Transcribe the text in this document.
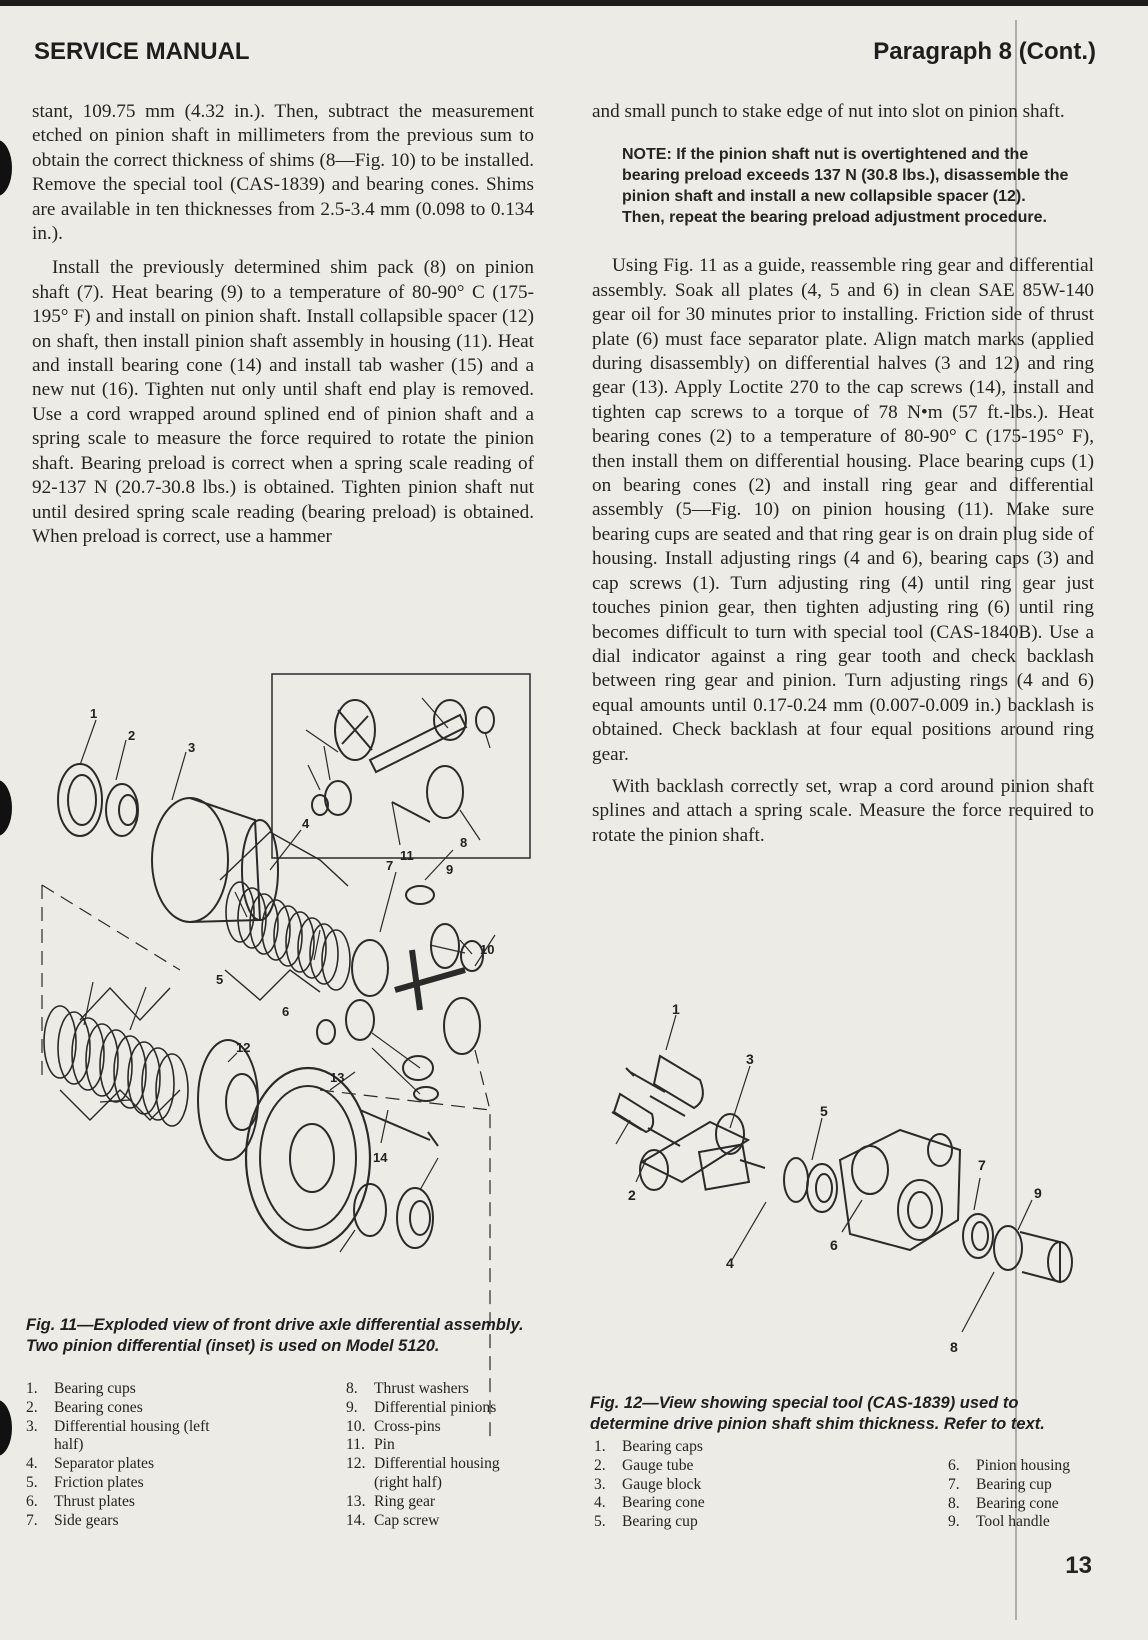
SERVICE MANUAL	Paragraph 8 (Cont.)

stant, 109.75 mm (4.32 in.). Then, subtract the measurement etched on pinion shaft in millimeters from the previous sum to obtain the correct thickness of shims (8—Fig. 10) to be installed. Remove the special tool (CAS-1839) and bearing cones. Shims are available in ten thicknesses from 2.5-3.4 mm (0.098 to 0.134 in.).

Install the previously determined shim pack (8) on pinion shaft (7). Heat bearing (9) to a temperature of 80-90° C (175-195° F) and install on pinion shaft. Install collapsible spacer (12) on shaft, then install pinion shaft assembly in housing (11). Heat and install bearing cone (14) and install tab washer (15) and a new nut (16). Tighten nut only until shaft end play is removed. Use a cord wrapped around splined end of pinion shaft and a spring scale to measure the force required to rotate the pinion shaft. Bearing preload is correct when a spring scale reading of 92-137 N (20.7-30.8 lbs.) is obtained. Tighten pinion shaft nut until desired spring scale reading (bearing preload) is obtained. When preload is correct, use a hammer

and small punch to stake edge of nut into slot on pinion shaft.

NOTE: If the pinion shaft nut is overtightened and the bearing preload exceeds 137 N (30.8 lbs.), disassemble the pinion shaft and install a new collapsible spacer (12). Then, repeat the bearing preload adjustment procedure.

Using Fig. 11 as a guide, reassemble ring gear and differential assembly. Soak all plates (4, 5 and 6) in clean SAE 85W-140 gear oil for 30 minutes prior to installing. Friction side of thrust plate (6) must face separator plate. Align match marks (applied during disassembly) on differential halves (3 and 12) and ring gear (13). Apply Loctite 270 to the cap screws (14), install and tighten cap screws to a torque of 78 N•m (57 ft.-lbs.). Heat bearing cones (2) to a temperature of 80-90° C (175-195° F), then install them on differential housing. Place bearing cups (1) on bearing cones (2) and install ring gear and differential assembly (5—Fig. 10) on pinion housing (11). Make sure bearing cups are seated and that ring gear is on drain plug side of housing. Install adjusting rings (4 and 6), bearing caps (3) and cap screws (1). Turn adjusting ring (4) until ring gear just touches pinion gear, then tighten adjusting ring (6) until ring becomes difficult to turn with special tool (CAS-1840B). Use a dial indicator against a ring gear tooth and check backlash between ring gear and pinion. Turn adjusting rings (4 and 6) equal amounts until 0.17-0.24 mm (0.007-0.009 in.) backlash is obtained. Check backlash at four equal positions around ring gear.

With backlash correctly set, wrap a cord around pinion shaft splines and attach a spring scale. Measure the force required to rotate the pinion shaft.

1
2
3
4
5
6
7
8
9
10
11
12
13
14
Fig. 11—Exploded view of front drive axle differential assembly. Two pinion differential (inset) is used on Model 5120.
1.	Bearing cups
2.	Bearing cones
3.	Differential housing (left half)
4.	Separator plates
5.	Friction plates
6.	Thrust plates
7.	Side gears
8.	Thrust washers
9.	Differential pinions
10. Cross-pins
11. Pin
12. Differential housing (right half)
13. Ring gear
14. Cap screw
1
2
3
4
5
6
7
8
9
Fig. 12—View showing special tool (CAS-1839) used to determine drive pinion shaft shim thickness. Refer to text.
1.	Bearing caps
2.	Gauge tube
3.	Gauge block
4.	Bearing cone
5.	Bearing cup
6.	Pinion housing
7.	Bearing cup
8.	Bearing cone
9.	Tool handle
13
